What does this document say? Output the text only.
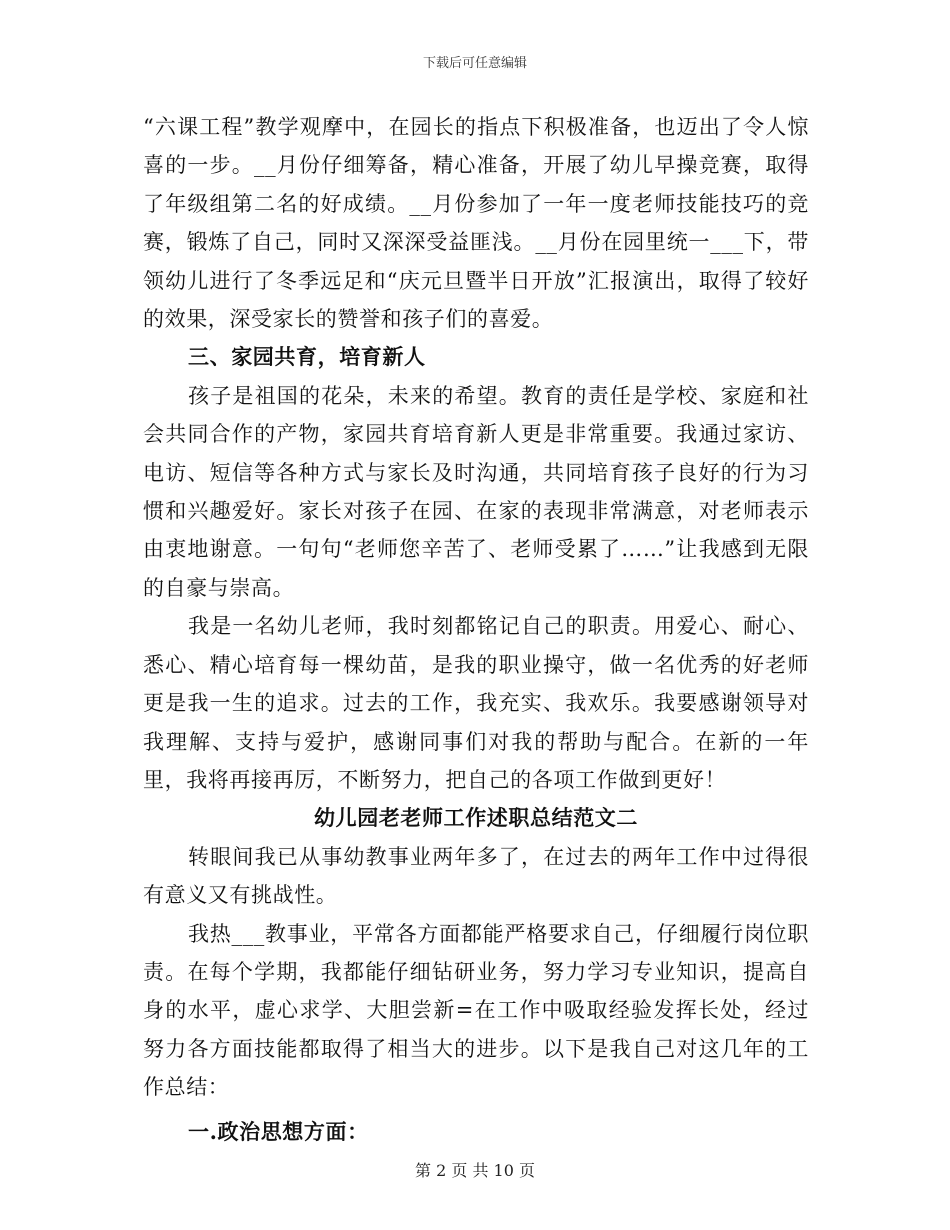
下载后可任意编辑

“六课工程”教学观摩中，在园长的指点下积极准备，也迈出了令人惊喜的一步。__月份仔细筹备，精心准备，开展了幼儿早操竞赛，取得了年级组第二名的好成绩。__月份参加了一年一度老师技能技巧的竞赛，锻炼了自己，同时又深深受益匪浅。__月份在园里统一___下，带领幼儿进行了冬季远足和“庆元旦暨半日开放”汇报演出，取得了较好的效果，深受家长的赞誉和孩子们的喜爱。

三、家园共育，培育新人

孩子是祖国的花朵，未来的希望。教育的责任是学校、家庭和社会共同合作的产物，家园共育培育新人更是非常重要。我通过家访、电访、短信等各种方式与家长及时沟通，共同培育孩子良好的行为习惯和兴趣爱好。家长对孩子在园、在家的表现非常满意，对老师表示由衷地谢意。一句句“老师您辛苦了、老师受累了……”让我感到无限的自豪与崇高。

我是一名幼儿老师，我时刻都铭记自己的职责。用爱心、耐心、悉心、精心培育每一棵幼苗，是我的职业操守，做一名优秀的好老师更是我一生的追求。过去的工作，我充实、我欢乐。我要感谢领导对我理解、支持与爱护，感谢同事们对我的帮助与配合。在新的一年里，我将再接再厉，不断努力，把自己的各项工作做到更好！

幼儿园老老师工作述职总结范文二

转眼间我已从事幼教事业两年多了，在过去的两年工作中过得很有意义又有挑战性。

我热___教事业，平常各方面都能严格要求自己，仔细履行岗位职责。在每个学期，我都能仔细钻研业务，努力学习专业知识，提高自身的水平，虚心求学、大胆尝新=在工作中吸取经验发挥长处，经过努力各方面技能都取得了相当大的进步。以下是我自己对这几年的工作总结：

一.政治思想方面：

第 2 页 共 10 页
